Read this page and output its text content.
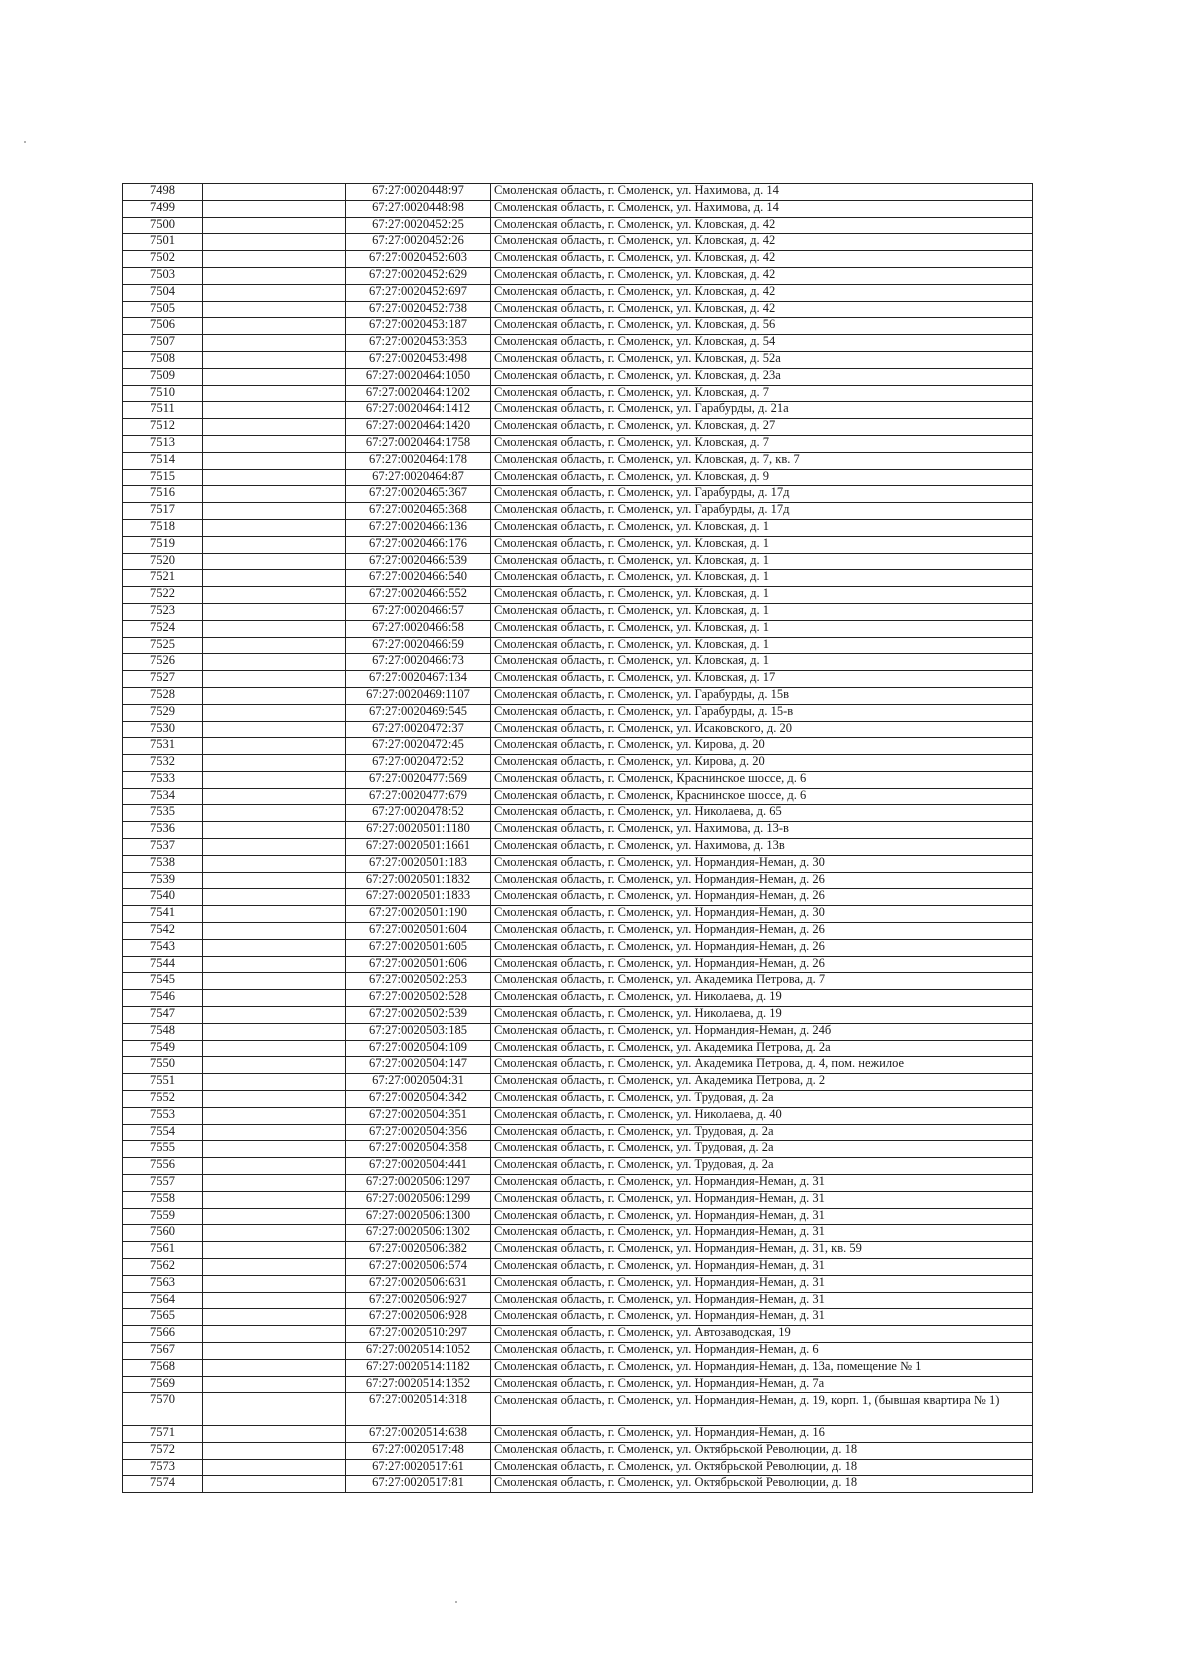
7498		67:27:0020448:97	Смоленская область, г. Смоленск, ул. Нахимова, д. 14
7499		67:27:0020448:98	Смоленская область, г. Смоленск, ул. Нахимова, д. 14
7500		67:27:0020452:25	Смоленская область, г. Смоленск, ул. Кловская, д. 42
7501		67:27:0020452:26	Смоленская область, г. Смоленск, ул. Кловская, д. 42
7502		67:27:0020452:603	Смоленская область, г. Смоленск, ул. Кловская, д. 42
7503		67:27:0020452:629	Смоленская область, г. Смоленск, ул. Кловская, д. 42
7504		67:27:0020452:697	Смоленская область, г. Смоленск, ул. Кловская, д. 42
7505		67:27:0020452:738	Смоленская область, г. Смоленск, ул. Кловская, д. 42
7506		67:27:0020453:187	Смоленская область, г. Смоленск, ул. Кловская, д. 56
7507		67:27:0020453:353	Смоленская область, г. Смоленск, ул. Кловская, д. 54
7508		67:27:0020453:498	Смоленская область, г. Смоленск, ул. Кловская, д. 52а
7509		67:27:0020464:1050	Смоленская область, г. Смоленск, ул. Кловская, д. 23а
7510		67:27:0020464:1202	Смоленская область, г. Смоленск, ул. Кловская, д. 7
7511		67:27:0020464:1412	Смоленская область, г. Смоленск, ул. Гарабурды, д. 21а
7512		67:27:0020464:1420	Смоленская область, г. Смоленск, ул. Кловская, д. 27
7513		67:27:0020464:1758	Смоленская область, г. Смоленск, ул. Кловская, д. 7
7514		67:27:0020464:178	Смоленская область, г. Смоленск, ул. Кловская, д. 7, кв. 7
7515		67:27:0020464:87	Смоленская область, г. Смоленск, ул. Кловская, д. 9
7516		67:27:0020465:367	Смоленская область, г. Смоленск, ул. Гарабурды, д. 17д
7517		67:27:0020465:368	Смоленская область, г. Смоленск, ул. Гарабурды, д. 17д
7518		67:27:0020466:136	Смоленская область, г. Смоленск, ул. Кловская, д. 1
7519		67:27:0020466:176	Смоленская область, г. Смоленск, ул. Кловская, д. 1
7520		67:27:0020466:539	Смоленская область, г. Смоленск, ул. Кловская, д. 1
7521		67:27:0020466:540	Смоленская область, г. Смоленск, ул. Кловская, д. 1
7522		67:27:0020466:552	Смоленская область, г. Смоленск, ул. Кловская, д. 1
7523		67:27:0020466:57	Смоленская область, г. Смоленск, ул. Кловская, д. 1
7524		67:27:0020466:58	Смоленская область, г. Смоленск, ул. Кловская, д. 1
7525		67:27:0020466:59	Смоленская область, г. Смоленск, ул. Кловская, д. 1
7526		67:27:0020466:73	Смоленская область, г. Смоленск, ул. Кловская, д. 1
7527		67:27:0020467:134	Смоленская область, г. Смоленск, ул. Кловская, д. 17
7528		67:27:0020469:1107	Смоленская область, г. Смоленск, ул. Гарабурды, д. 15в
7529		67:27:0020469:545	Смоленская область, г. Смоленск, ул. Гарабурды, д. 15-в
7530		67:27:0020472:37	Смоленская область, г. Смоленск, ул. Исаковского, д. 20
7531		67:27:0020472:45	Смоленская область, г. Смоленск, ул. Кирова, д. 20
7532		67:27:0020472:52	Смоленская область, г. Смоленск, ул. Кирова, д. 20
7533		67:27:0020477:569	Смоленская область, г. Смоленск, Краснинское шоссе, д. 6
7534		67:27:0020477:679	Смоленская область, г. Смоленск, Краснинское шоссе, д. 6
7535		67:27:0020478:52	Смоленская область, г. Смоленск, ул. Николаева, д. 65
7536		67:27:0020501:1180	Смоленская область, г. Смоленск, ул. Нахимова, д. 13-в
7537		67:27:0020501:1661	Смоленская область, г. Смоленск, ул. Нахимова, д. 13в
7538		67:27:0020501:183	Смоленская область, г. Смоленск, ул. Нормандия-Неман, д. 30
7539		67:27:0020501:1832	Смоленская область, г. Смоленск, ул. Нормандия-Неман, д. 26
7540		67:27:0020501:1833	Смоленская область, г. Смоленск, ул. Нормандия-Неман, д. 26
7541		67:27:0020501:190	Смоленская область, г. Смоленск, ул. Нормандия-Неман, д. 30
7542		67:27:0020501:604	Смоленская область, г. Смоленск, ул. Нормандия-Неман, д. 26
7543		67:27:0020501:605	Смоленская область, г. Смоленск, ул. Нормандия-Неман, д. 26
7544		67:27:0020501:606	Смоленская область, г. Смоленск, ул. Нормандия-Неман, д. 26
7545		67:27:0020502:253	Смоленская область, г. Смоленск, ул. Академика Петрова, д. 7
7546		67:27:0020502:528	Смоленская область, г. Смоленск, ул. Николаева, д. 19
7547		67:27:0020502:539	Смоленская область, г. Смоленск, ул. Николаева, д. 19
7548		67:27:0020503:185	Смоленская область, г. Смоленск, ул. Нормандия-Неман, д. 24б
7549		67:27:0020504:109	Смоленская область, г. Смоленск, ул. Академика Петрова, д. 2а
7550		67:27:0020504:147	Смоленская область, г. Смоленск, ул. Академика Петрова, д. 4, пом. нежилое
7551		67:27:0020504:31	Смоленская область, г. Смоленск, ул. Академика Петрова, д. 2
7552		67:27:0020504:342	Смоленская область, г. Смоленск, ул. Трудовая, д. 2а
7553		67:27:0020504:351	Смоленская область, г. Смоленск, ул. Николаева, д. 40
7554		67:27:0020504:356	Смоленская область, г. Смоленск, ул. Трудовая, д. 2а
7555		67:27:0020504:358	Смоленская область, г. Смоленск, ул. Трудовая, д. 2а
7556		67:27:0020504:441	Смоленская область, г. Смоленск, ул. Трудовая, д. 2а
7557		67:27:0020506:1297	Смоленская область, г. Смоленск, ул. Нормандия-Неман, д. 31
7558		67:27:0020506:1299	Смоленская область, г. Смоленск, ул. Нормандия-Неман, д. 31
7559		67:27:0020506:1300	Смоленская область, г. Смоленск, ул. Нормандия-Неман, д. 31
7560		67:27:0020506:1302	Смоленская область, г. Смоленск, ул. Нормандия-Неман, д. 31
7561		67:27:0020506:382	Смоленская область, г. Смоленск, ул. Нормандия-Неман, д. 31, кв. 59
7562		67:27:0020506:574	Смоленская область, г. Смоленск, ул. Нормандия-Неман, д. 31
7563		67:27:0020506:631	Смоленская область, г. Смоленск, ул. Нормандия-Неман, д. 31
7564		67:27:0020506:927	Смоленская область, г. Смоленск, ул. Нормандия-Неман, д. 31
7565		67:27:0020506:928	Смоленская область, г. Смоленск, ул. Нормандия-Неман, д. 31
7566		67:27:0020510:297	Смоленская область, г. Смоленск, ул. Автозаводская, 19
7567		67:27:0020514:1052	Смоленская область, г. Смоленск, ул. Нормандия-Неман, д. 6
7568		67:27:0020514:1182	Смоленская область, г. Смоленск, ул. Нормандия-Неман, д. 13а, помещение № 1
7569		67:27:0020514:1352	Смоленская область, г. Смоленск, ул. Нормандия-Неман, д. 7а
7570		67:27:0020514:318	Смоленская область, г. Смоленск, ул. Нормандия-Неман, д. 19, корп. 1, (бывшая квартира № 1)
7571		67:27:0020514:638	Смоленская область, г. Смоленск, ул. Нормандия-Неман, д. 16
7572		67:27:0020517:48	Смоленская область, г. Смоленск, ул. Октябрьской Революции, д. 18
7573		67:27:0020517:61	Смоленская область, г. Смоленск, ул. Октябрьской Революции, д. 18
7574		67:27:0020517:81	Смоленская область, г. Смоленск, ул. Октябрьской Революции, д. 18
